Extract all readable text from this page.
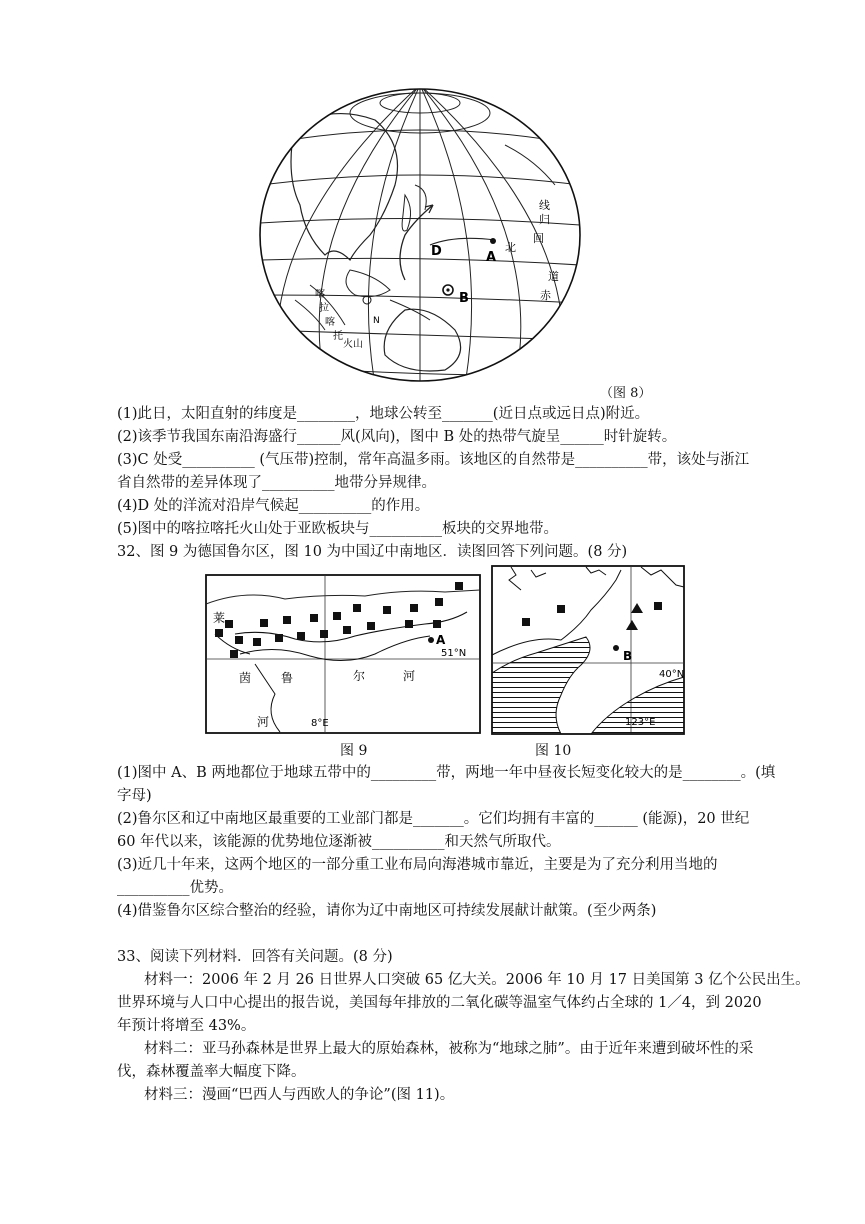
D	A
B
北
回
归
线
道
赤
喀
拉
喀
托
火山
N
（图 8）
(1)此日，太阳直射的纬度是________，地球公转至_______(近日点或远日点)附近。
(2)该季节我国东南沿海盛行______风(风向)，图中 B 处的热带气旋呈______时针旋转。
(3)C 处受__________ (气压带)控制，常年高温多雨。该地区的自然带是__________带，该处与浙江
省自然带的差异体现了__________地带分异规律。
(4)D 处的洋流对沿岸气候起__________的作用。
(5)图中的喀拉喀托火山处于亚欧板块与__________板块的交界地带。
32、图 9 为德国鲁尔区，图 10 为中国辽中南地区．读图回答下列问题。(8 分)
A
莱
茵 鲁	尔	河
河
51°N
8°E
B
40°N
123°E
图 9	图 10
(1)图中 A、B 两地都位于地球五带中的_________带，两地一年中昼夜长短变化较大的是________。(填
字母)
(2)鲁尔区和辽中南地区最重要的工业部门都是_______。它们均拥有丰富的______ (能源)，20 世纪
60 年代以来，该能源的优势地位逐渐被__________和天然气所取代。
(3)近几十年来，这两个地区的一部分重工业布局向海港城市靠近，主要是为了充分利用当地的
__________优势。
(4)借鉴鲁尔区综合整治的经验，请你为辽中南地区可持续发展献计献策。(至少两条)
33、阅读下列材料．回答有关问题。(8 分)
材料一：2006 年 2 月 26 日世界人口突破 65 亿大关。2006 年 10 月 17 日美国第 3 亿个公民出生。
世界环境与人口中心提出的报告说，美国每年排放的二氧化碳等温室气体约占全球的 1／4，到 2020
年预计将增至 43%。
材料二：亚马孙森林是世界上最大的原始森林，被称为“地球之肺”。由于近年来遭到破坏性的采
伐，森林覆盖率大幅度下降。
材料三：漫画“巴西人与西欧人的争论”(图 11)。
